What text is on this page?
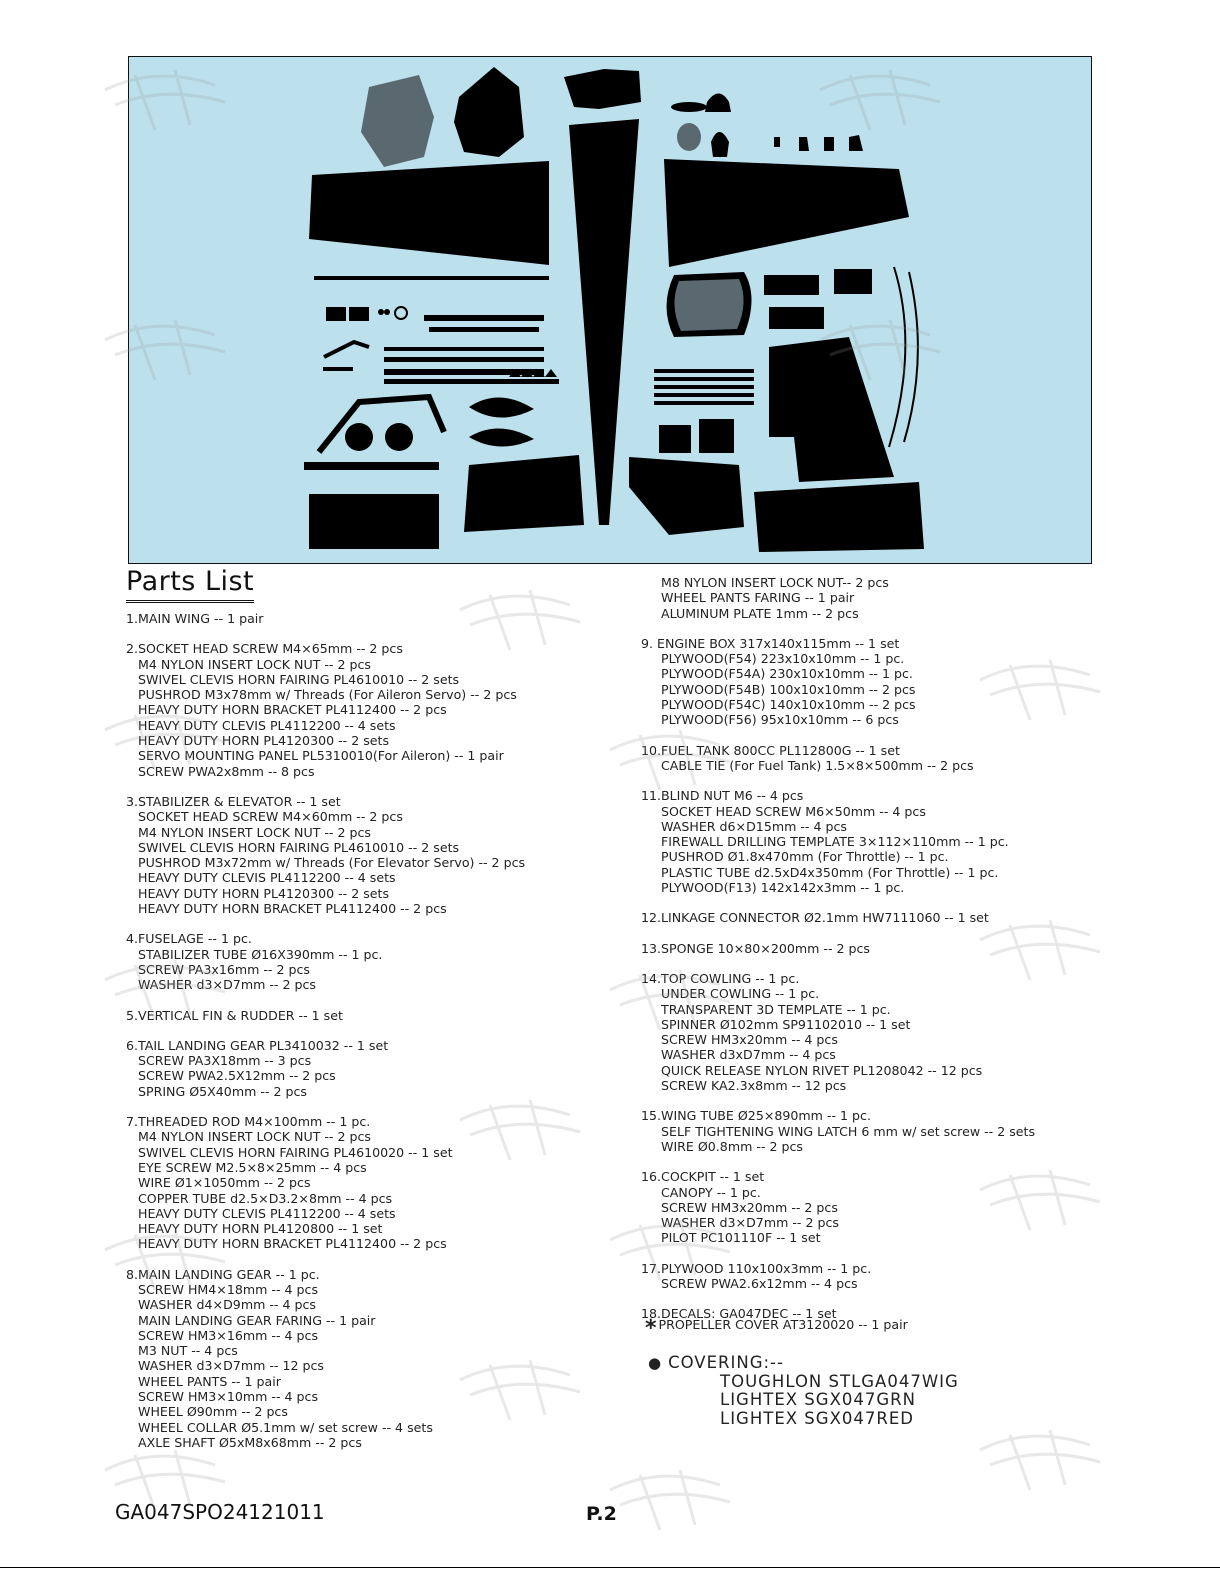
Parts List
1.MAIN WING -- 1 pair
2.SOCKET HEAD SCREW M4×65mm -- 2 pcs
M4 NYLON INSERT LOCK NUT -- 2 pcs
SWIVEL CLEVIS HORN FAIRING PL4610010 -- 2 sets
PUSHROD M3x78mm w/ Threads (For Aileron Servo) -- 2 pcs
HEAVY DUTY HORN BRACKET PL4112400 -- 2 pcs
HEAVY DUTY CLEVIS PL4112200 -- 4 sets
HEAVY DUTY HORN PL4120300 -- 2 sets
SERVO MOUNTING PANEL PL5310010(For Aileron) -- 1 pair
SCREW PWA2x8mm -- 8 pcs
3.STABILIZER & ELEVATOR -- 1 set
SOCKET HEAD SCREW M4×60mm -- 2 pcs
M4 NYLON INSERT LOCK NUT -- 2 pcs
SWIVEL CLEVIS HORN FAIRING PL4610010 -- 2 sets
PUSHROD M3x72mm w/ Threads (For Elevator Servo) -- 2 pcs
HEAVY DUTY CLEVIS PL4112200 -- 4 sets
HEAVY DUTY HORN PL4120300 -- 2 sets
HEAVY DUTY HORN BRACKET PL4112400 -- 2 pcs
4.FUSELAGE -- 1 pc.
STABILIZER TUBE Ø16X390mm -- 1 pc.
SCREW PA3x16mm -- 2 pcs
WASHER d3×D7mm -- 2 pcs
5.VERTICAL FIN & RUDDER -- 1 set
6.TAIL LANDING GEAR PL3410032 -- 1 set
SCREW PA3X18mm -- 3 pcs
SCREW PWA2.5X12mm -- 2 pcs
SPRING Ø5X40mm -- 2 pcs
7.THREADED ROD M4×100mm -- 1 pc.
M4 NYLON INSERT LOCK NUT -- 2 pcs
SWIVEL CLEVIS HORN FAIRING PL4610020 -- 1 set
EYE SCREW M2.5×8×25mm -- 4 pcs
WIRE Ø1×1050mm -- 2 pcs
COPPER TUBE d2.5×D3.2×8mm -- 4 pcs
HEAVY DUTY CLEVIS PL4112200 -- 4 sets
HEAVY DUTY HORN PL4120800 -- 1 set
HEAVY DUTY HORN BRACKET PL4112400 -- 2 pcs
8.MAIN LANDING GEAR -- 1 pc.
SCREW HM4×18mm -- 4 pcs
WASHER d4×D9mm -- 4 pcs
MAIN LANDING GEAR FARING -- 1 pair
SCREW HM3×16mm -- 4 pcs
M3 NUT -- 4 pcs
WASHER d3×D7mm -- 12 pcs
WHEEL PANTS -- 1 pair
SCREW HM3×10mm -- 4 pcs
WHEEL Ø90mm -- 2 pcs
WHEEL COLLAR Ø5.1mm w/ set screw -- 4 sets
AXLE SHAFT Ø5xM8x68mm -- 2 pcs
M8 NYLON INSERT LOCK NUT-- 2 pcs
WHEEL PANTS FARING -- 1 pair
ALUMINUM PLATE 1mm -- 2 pcs
9. ENGINE BOX 317x140x115mm -- 1 set
PLYWOOD(F54) 223x10x10mm -- 1 pc.
PLYWOOD(F54A) 230x10x10mm -- 1 pc.
PLYWOOD(F54B) 100x10x10mm -- 2 pcs
PLYWOOD(F54C) 140x10x10mm -- 2 pcs
PLYWOOD(F56) 95x10x10mm -- 6 pcs
10.FUEL TANK 800CC PL112800G -- 1 set
CABLE TIE (For Fuel Tank) 1.5×8×500mm -- 2 pcs
11.BLIND NUT M6 -- 4 pcs
SOCKET HEAD SCREW M6×50mm -- 4 pcs
WASHER d6×D15mm -- 4 pcs
FIREWALL DRILLING TEMPLATE 3×112×110mm -- 1 pc.
PUSHROD Ø1.8x470mm (For Throttle) -- 1 pc.
PLASTIC TUBE d2.5xD4x350mm (For Throttle) -- 1 pc.
PLYWOOD(F13) 142x142x3mm -- 1 pc.
12.LINKAGE CONNECTOR Ø2.1mm HW7111060 -- 1 set
13.SPONGE 10×80×200mm -- 2 pcs
14.TOP COWLING -- 1 pc.
UNDER COWLING -- 1 pc.
TRANSPARENT 3D TEMPLATE -- 1 pc.
SPINNER Ø102mm SP91102010 -- 1 set
SCREW HM3x20mm -- 4 pcs
WASHER d3xD7mm -- 4 pcs
QUICK RELEASE NYLON RIVET PL1208042 -- 12 pcs
SCREW KA2.3x8mm -- 12 pcs
15.WING TUBE Ø25×890mm -- 1 pc.
SELF TIGHTENING WING LATCH 6 mm w/ set screw -- 2 sets
WIRE Ø0.8mm -- 2 pcs
16.COCKPIT -- 1 set
CANOPY -- 1 pc.
SCREW HM3x20mm -- 2 pcs
WASHER d3×D7mm -- 2 pcs
PILOT PC101110F -- 1 set
17.PLYWOOD 110x100x3mm -- 1 pc.
SCREW PWA2.6x12mm -- 4 pcs
18.DECALS: GA047DEC -- 1 set
* PROPELLER COVER AT3120020 -- 1 pair
● COVERING:--
TOUGHLON STLGA047WIG
LIGHTEX SGX047GRN
LIGHTEX SGX047RED
GA047SPO24121011	P.2
